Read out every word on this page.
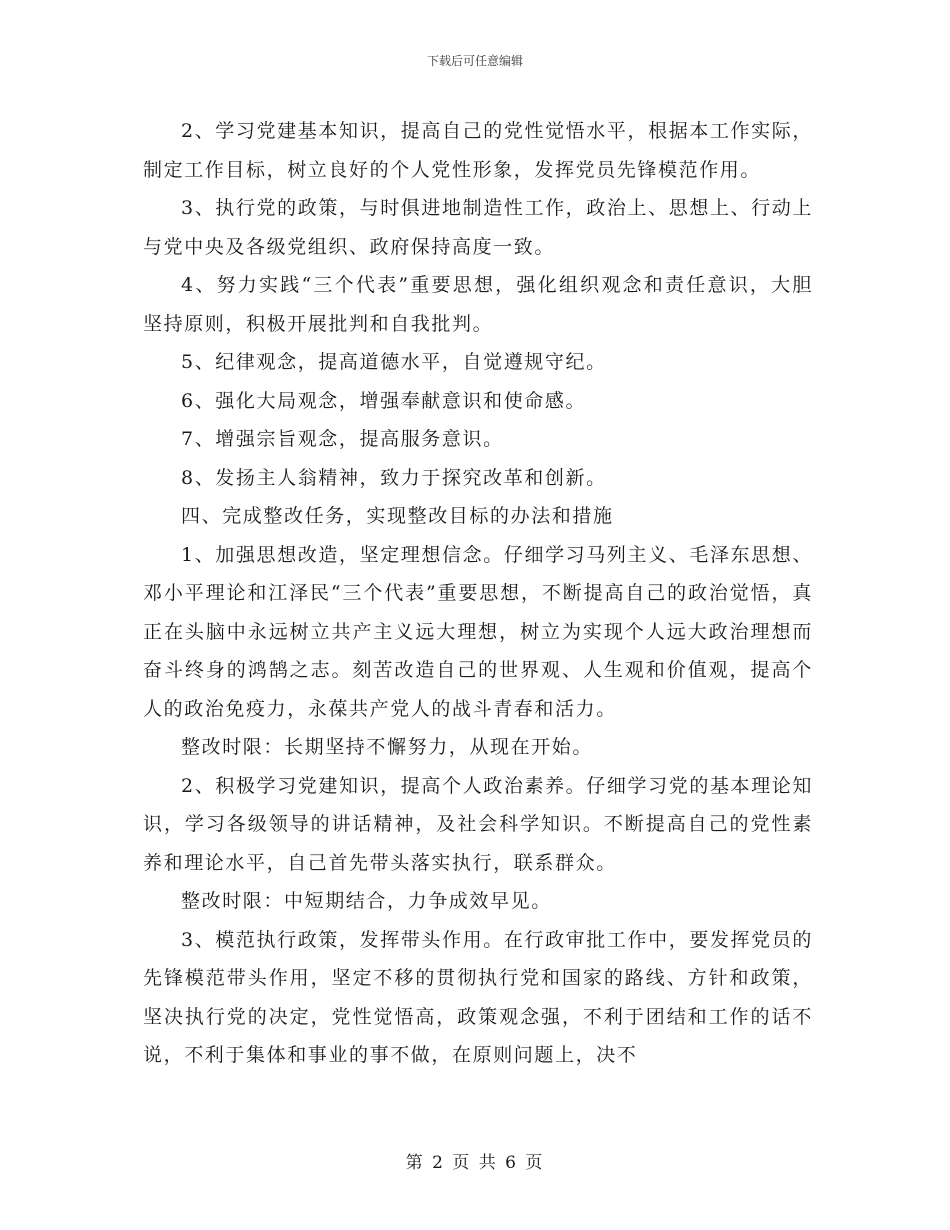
下载后可任意编辑

2、学习党建基本知识，提高自己的党性觉悟水平，根据本工作实际，制定工作目标，树立良好的个人党性形象，发挥党员先锋模范作用。

3、执行党的政策，与时俱进地制造性工作，政治上、思想上、行动上与党中央及各级党组织、政府保持高度一致。

4、努力实践“三个代表”重要思想，强化组织观念和责任意识，大胆坚持原则，积极开展批判和自我批判。

5、纪律观念，提高道德水平，自觉遵规守纪。

6、强化大局观念，增强奉献意识和使命感。

7、增强宗旨观念，提高服务意识。

8、发扬主人翁精神，致力于探究改革和创新。

四、完成整改任务，实现整改目标的办法和措施

1、加强思想改造，坚定理想信念。仔细学习马列主义、毛泽东思想、邓小平理论和江泽民“三个代表”重要思想，不断提高自己的政治觉悟，真正在头脑中永远树立共产主义远大理想，树立为实现个人远大政治理想而奋斗终身的鸿鹄之志。刻苦改造自己的世界观、人生观和价值观，提高个人的政治免疫力，永葆共产党人的战斗青春和活力。

整改时限：长期坚持不懈努力，从现在开始。

2、积极学习党建知识，提高个人政治素养。仔细学习党的基本理论知识，学习各级领导的讲话精神，及社会科学知识。不断提高自己的党性素养和理论水平，自己首先带头落实执行，联系群众。

整改时限：中短期结合，力争成效早见。

3、模范执行政策，发挥带头作用。在行政审批工作中，要发挥党员的先锋模范带头作用，坚定不移的贯彻执行党和国家的路线、方针和政策，坚决执行党的决定，党性觉悟高，政策观念强，不利于团结和工作的话不说，不利于集体和事业的事不做，在原则问题上，决不

第 2 页 共 6 页
